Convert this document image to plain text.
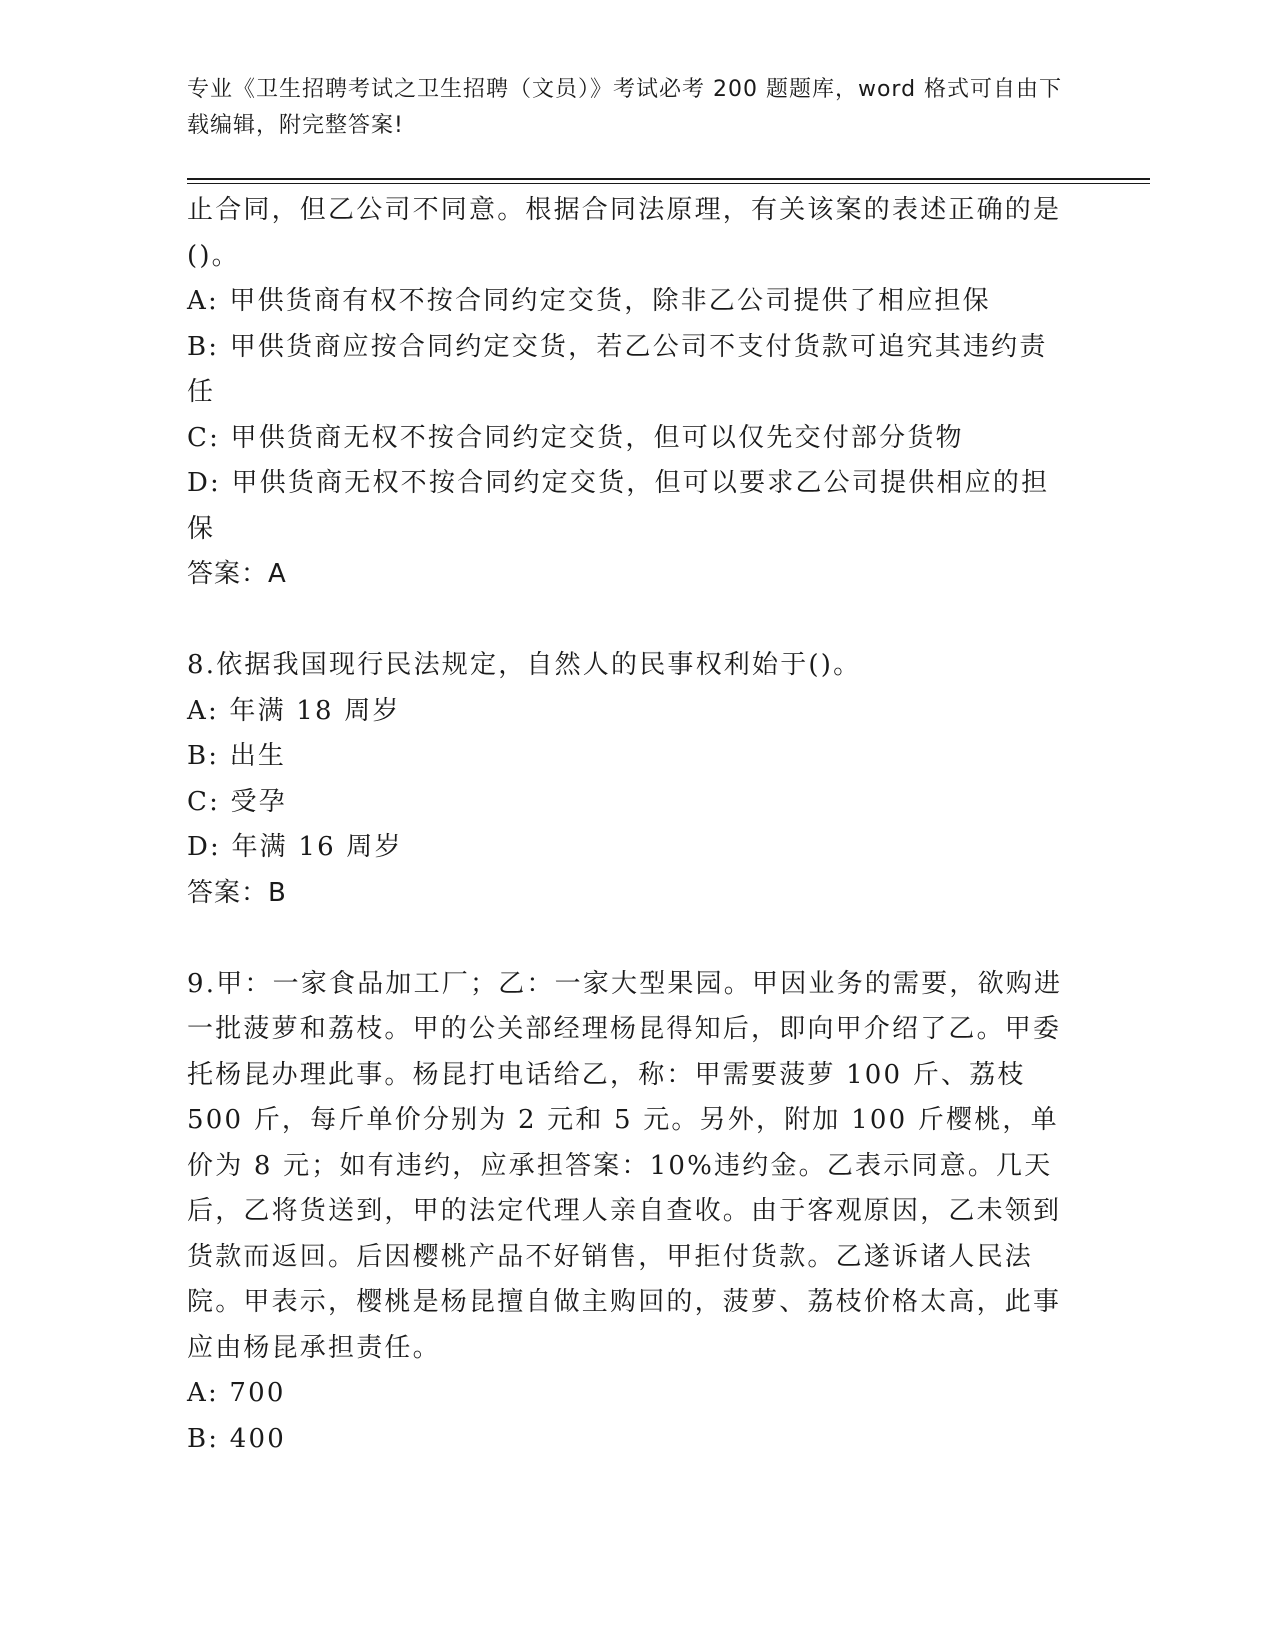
专业《卫生招聘考试之卫生招聘（文员）》考试必考 200 题题库，word 格式可自由下载编辑，附完整答案!

止合同，但乙公司不同意。根据合同法原理，有关该案的表述正确的是()。

A: 甲供货商有权不按合同约定交货，除非乙公司提供了相应担保

B: 甲供货商应按合同约定交货，若乙公司不支付货款可追究其违约责任

C: 甲供货商无权不按合同约定交货，但可以仅先交付部分货物

D: 甲供货商无权不按合同约定交货，但可以要求乙公司提供相应的担保

答案：A

8.依据我国现行民法规定，自然人的民事权利始于()。

A: 年满 18 周岁

B: 出生

C: 受孕

D: 年满 16 周岁

答案：B

9.甲：一家食品加工厂；乙：一家大型果园。甲因业务的需要，欲购进一批菠萝和荔枝。甲的公关部经理杨昆得知后，即向甲介绍了乙。甲委托杨昆办理此事。杨昆打电话给乙，称：甲需要菠萝 100 斤、荔枝 500 斤，每斤单价分别为 2 元和 5 元。另外，附加 100 斤樱桃，单价为 8 元；如有违约，应承担答案：10%违约金。乙表示同意。几天后，乙将货送到，甲的法定代理人亲自查收。由于客观原因，乙未领到货款而返回。后因樱桃产品不好销售，甲拒付货款。乙遂诉诸人民法院。甲表示，樱桃是杨昆擅自做主购回的，菠萝、荔枝价格太高，此事应由杨昆承担责任。

A: 700

B: 400
